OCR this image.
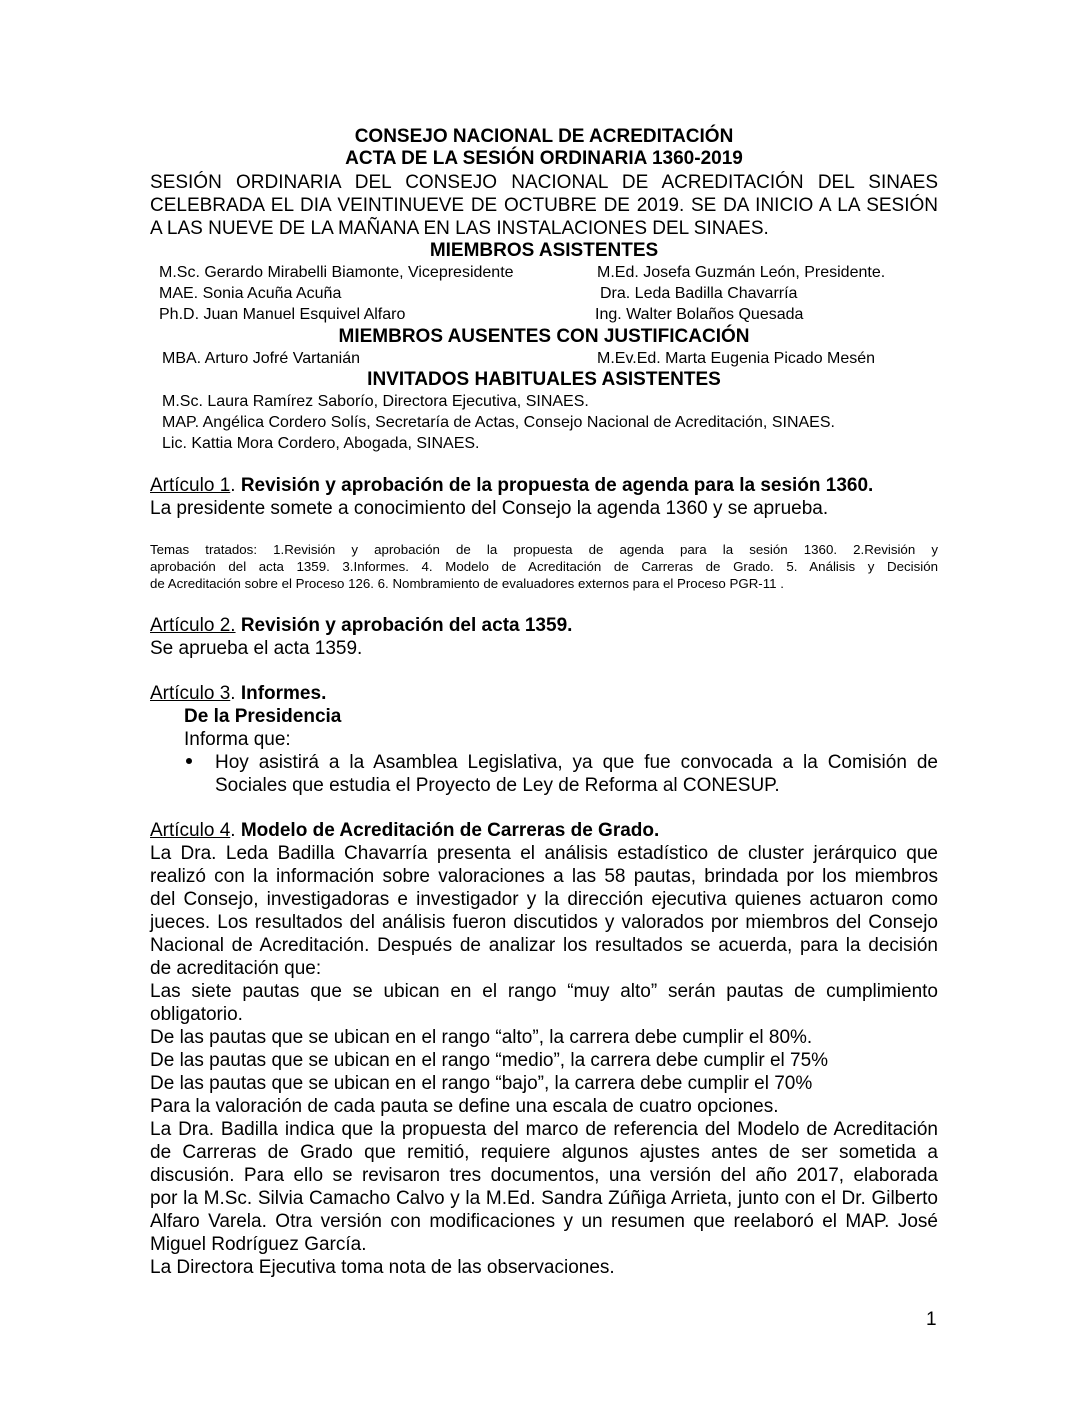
CONSEJO NACIONAL DE ACREDITACIÓN
ACTA DE LA SESIÓN ORDINARIA 1360-2019
SESIÓN ORDINARIA DEL CONSEJO NACIONAL DE ACREDITACIÓN DEL SINAES
CELEBRADA EL DIA VEINTINUEVE DE OCTUBRE DE 2019. SE DA INICIO A LA SESIÓN
A LAS NUEVE DE LA MAÑANA EN LAS INSTALACIONES DEL SINAES.
MIEMBROS ASISTENTES
M.Sc. Gerardo Mirabelli Biamonte, Vicepresidente	M.Ed. Josefa Guzmán León, Presidente.
MAE. Sonia Acuña Acuña	Dra. Leda Badilla Chavarría
Ph.D. Juan Manuel Esquivel Alfaro	Ing. Walter Bolaños Quesada
MIEMBROS AUSENTES CON JUSTIFICACIÓN
MBA. Arturo Jofré Vartanián	M.Ev.Ed. Marta Eugenia Picado Mesén
INVITADOS HABITUALES ASISTENTES
M.Sc. Laura Ramírez Saborío, Directora Ejecutiva, SINAES.
MAP. Angélica Cordero Solís, Secretaría de Actas, Consejo Nacional de Acreditación, SINAES.
Lic. Kattia Mora Cordero, Abogada, SINAES.
Artículo 1. Revisión y aprobación de la propuesta de agenda para la sesión 1360.
La presidente somete a conocimiento del Consejo la agenda 1360 y se aprueba.
Temas tratados: 1.Revisión y aprobación de la propuesta de agenda para la sesión 1360. 2.Revisión y
aprobación del acta 1359. 3.Informes. 4. Modelo de Acreditación de Carreras de Grado. 5. Análisis y Decisión
de Acreditación sobre el Proceso 126. 6. Nombramiento de evaluadores externos para el Proceso PGR-11 .
Artículo 2. Revisión y aprobación del acta 1359.
Se aprueba el acta 1359.
Artículo 3. Informes.
De la Presidencia
Informa que:
Hoy asistirá a la Asamblea Legislativa, ya que fue convocada a la Comisión de
Sociales que estudia el Proyecto de Ley de Reforma al CONESUP.
Artículo 4. Modelo de Acreditación de Carreras de Grado.
La Dra. Leda Badilla Chavarría presenta el análisis estadístico de cluster jerárquico que
realizó con la información sobre valoraciones a las 58 pautas, brindada por los miembros
del Consejo, investigadoras e investigador y la dirección ejecutiva quienes actuaron como
jueces. Los resultados del análisis fueron discutidos y valorados por miembros del Consejo
Nacional de Acreditación. Después de analizar los resultados se acuerda, para la decisión
de acreditación que:
Las siete pautas que se ubican en el rango “muy alto” serán pautas de cumplimiento
obligatorio.
De las pautas que se ubican en el rango “alto”, la carrera debe cumplir el 80%.
De las pautas que se ubican en el rango “medio”, la carrera debe cumplir el 75%
De las pautas que se ubican en el rango “bajo”, la carrera debe cumplir el 70%
Para la valoración de cada pauta se define una escala de cuatro opciones.
La Dra. Badilla indica que la propuesta del marco de referencia del Modelo de Acreditación
de Carreras de Grado que remitió, requiere algunos ajustes antes de ser sometida a
discusión. Para ello se revisaron tres documentos, una versión del año 2017, elaborada
por la M.Sc. Silvia Camacho Calvo y la M.Ed. Sandra Zúñiga Arrieta, junto con el Dr. Gilberto
Alfaro Varela. Otra versión con modificaciones y un resumen que reelaboró el MAP. José
Miguel Rodríguez García.
La Directora Ejecutiva toma nota de las observaciones.
1
